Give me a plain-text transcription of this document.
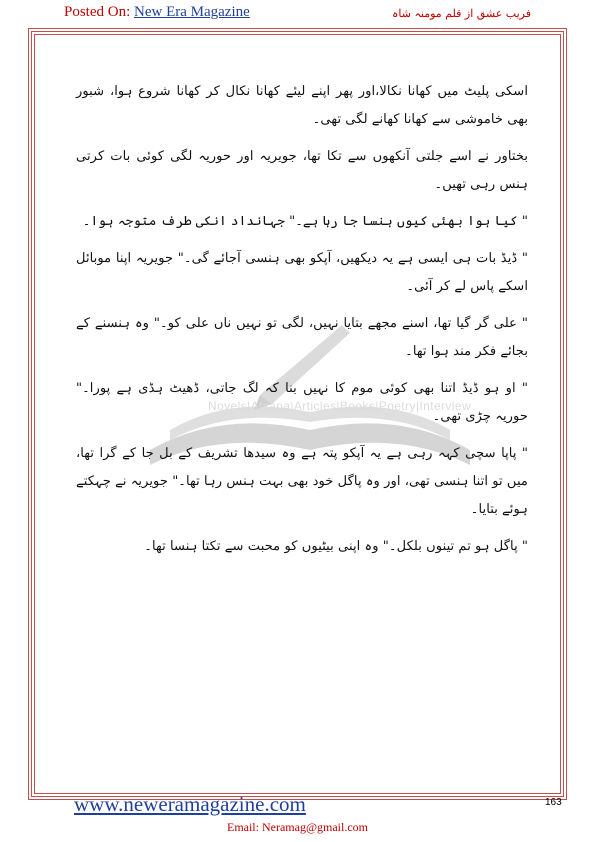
Posted On: New Era Magazine	فریب عشق از قلم مومنہ شاہ
Novels|Afsana|Articles|Books|Poetry|Interview

اسکی پلیٹ میں کھانا نکالا،اور پھر اپنے لیئے کھانا نکال کر کھانا شروع ہوا، شبور بھی خاموشی سے کھانا کھانے لگی تھی۔

بختاور نے اسے جلتی آنکھوں سے تکا تھا، جویریہ اور حوریہ لگی کوئی بات کرتی ہنس رہی تھیں۔

" کیا ہوا بھئی کیوں ہنسا جا رہا ہے۔" جہانداد انکی طرف متوجہ ہوا۔

" ڈیڈ بات ہی ایسی ہے یہ دیکھیں، آپکو بھی ہنسی آجائے گی۔" جویریہ اپنا موبائل اسکے پاس لے کر آئی۔

" علی گر گیا تھا، اسنے مجھے بتایا نہیں، لگی تو نہیں ناں علی کو۔" وہ ہنسنے کے بجائے فکر مند ہوا تھا۔

" او ہو ڈیڈ اتنا بھی کوئی موم کا نہیں بنا کہ لگ جاتی، ڈھیٹ ہڈی ہے پورا۔" حوریہ چڑی تھی۔

" پاپا سچی کہہ رہی ہے یہ آپکو پتہ ہے وہ سیدھا تشریف کے بل جا کے گرا تھا، میں تو اتنا ہنسی تھی، اور وہ پاگل خود بھی بہت ہنس رہا تھا۔" جویریہ نے چہکتے ہوئے بتایا۔

" پاگل ہو تم تینوں بلکل۔" وہ اپنی بیٹیوں کو محبت سے تکتا ہنسا تھا۔

www.neweramagazine.com	163
Email: Neramag@gmail.com
